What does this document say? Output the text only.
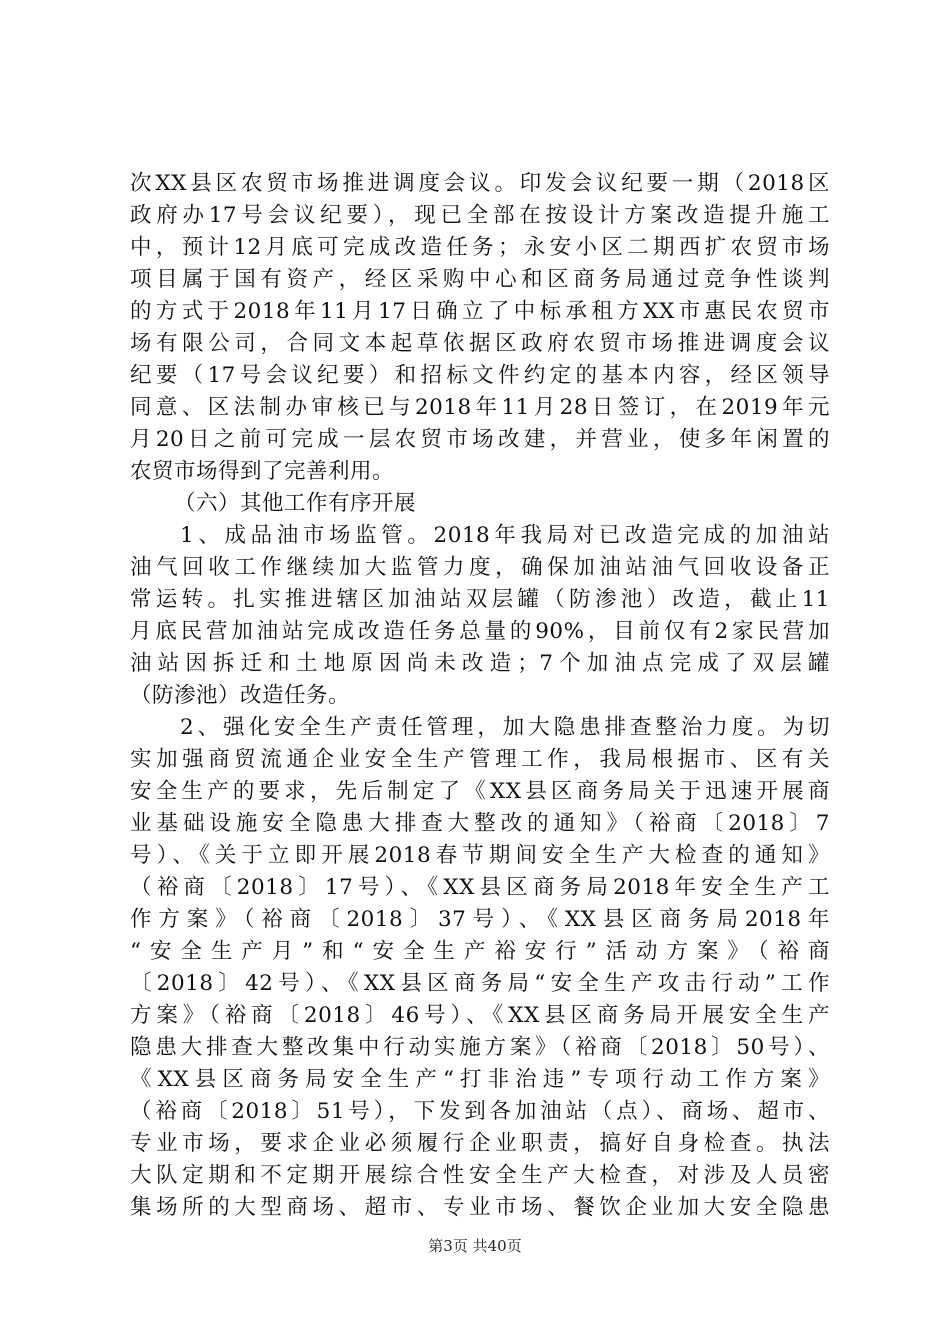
次XX县区农贸市场推进调度会议。印发会议纪要一期（2018区
政府办17号会议纪要），现已全部在按设计方案改造提升施工
中，预计12月底可完成改造任务；永安小区二期西扩农贸市场
项目属于国有资产，经区采购中心和区商务局通过竞争性谈判
的方式于2018年11月17日确立了中标承租方XX市惠民农贸市
场有限公司，合同文本起草依据区政府农贸市场推进调度会议
纪要（17号会议纪要）和招标文件约定的基本内容，经区领导
同意、区法制办审核已与2018年11月28日签订，在2019年元
月20日之前可完成一层农贸市场改建，并营业，使多年闲置的
农贸市场得到了完善利用。
（六）其他工作有序开展
1、成品油市场监管。2018年我局对已改造完成的加油站
油气回收工作继续加大监管力度，确保加油站油气回收设备正
常运转。扎实推进辖区加油站双层罐（防渗池）改造，截止11
月底民营加油站完成改造任务总量的90%，目前仅有2家民营加
油站因拆迁和土地原因尚未改造；7个加油点完成了双层罐
（防渗池）改造任务。
2、强化安全生产责任管理，加大隐患排查整治力度。为切
实加强商贸流通企业安全生产管理工作，我局根据市、区有关
安全生产的要求，先后制定了《XX县区商务局关于迅速开展商
业基础设施安全隐患大排查大整改的通知》（裕商〔2018〕7
号）、《关于立即开展2018春节期间安全生产大检查的通知》
（裕商〔2018〕17号）、《XX县区商务局2018年安全生产工
作方案》（裕商〔2018〕37号）、《XX县区商务局2018年
“安全生产月”和“安全生产裕安行”活动方案》（裕商
〔2018〕42号）、《XX县区商务局“安全生产攻击行动”工作
方案》（裕商〔2018〕46号）、《XX县区商务局开展安全生产
隐患大排查大整改集中行动实施方案》（裕商〔2018〕50号）、
《XX县区商务局安全生产“打非治违”专项行动工作方案》
（裕商〔2018〕51号），下发到各加油站（点）、商场、超市、
专业市场，要求企业必须履行企业职责，搞好自身检查。执法
大队定期和不定期开展综合性安全生产大检查，对涉及人员密
集场所的大型商场、超市、专业市场、餐饮企业加大安全隐患
第3页 共40页
